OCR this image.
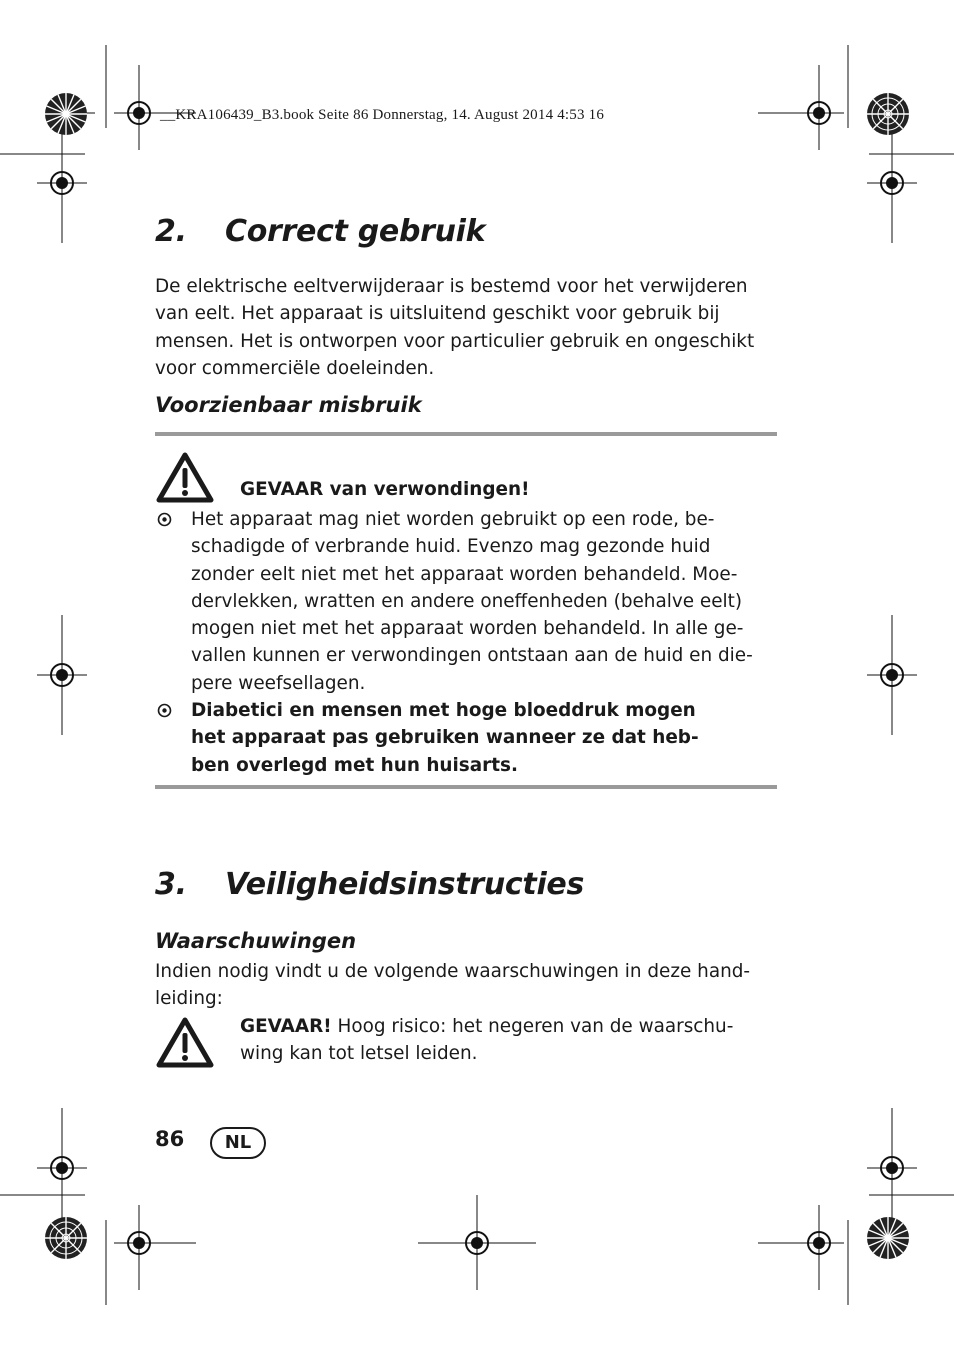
__KRA106439_B3.book Seite 86 Donnerstag, 14. August 2014 4:53 16
2. Correct gebruik
De elektrische eeltverwijderaar is bestemd voor het verwijderen
van eelt. Het apparaat is uitsluitend geschikt voor gebruik bij
mensen. Het is ontworpen voor particulier gebruik en ongeschikt
voor commerciële doeleinden.
Voorzienbaar misbruik
GEVAAR van verwondingen!
Het apparaat mag niet worden gebruikt op een rode, be-
schadigde of verbrande huid. Evenzo mag gezonde huid
zonder eelt niet met het apparaat worden behandeld. Moe-
dervlekken, wratten en andere oneffenheden (behalve eelt)
mogen niet met het apparaat worden behandeld. In alle ge-
vallen kunnen er verwondingen ontstaan aan de huid en die-
pere weefsellagen.
Diabetici en mensen met hoge bloeddruk mogen
het apparaat pas gebruiken wanneer ze dat heb-
ben overlegd met hun huisarts.
3. Veiligheidsinstructies
Waarschuwingen
Indien nodig vindt u de volgende waarschuwingen in deze hand-
leiding:
GEVAAR! Hoog risico: het negeren van de waarschu-
wing kan tot letsel leiden.
86	NL
